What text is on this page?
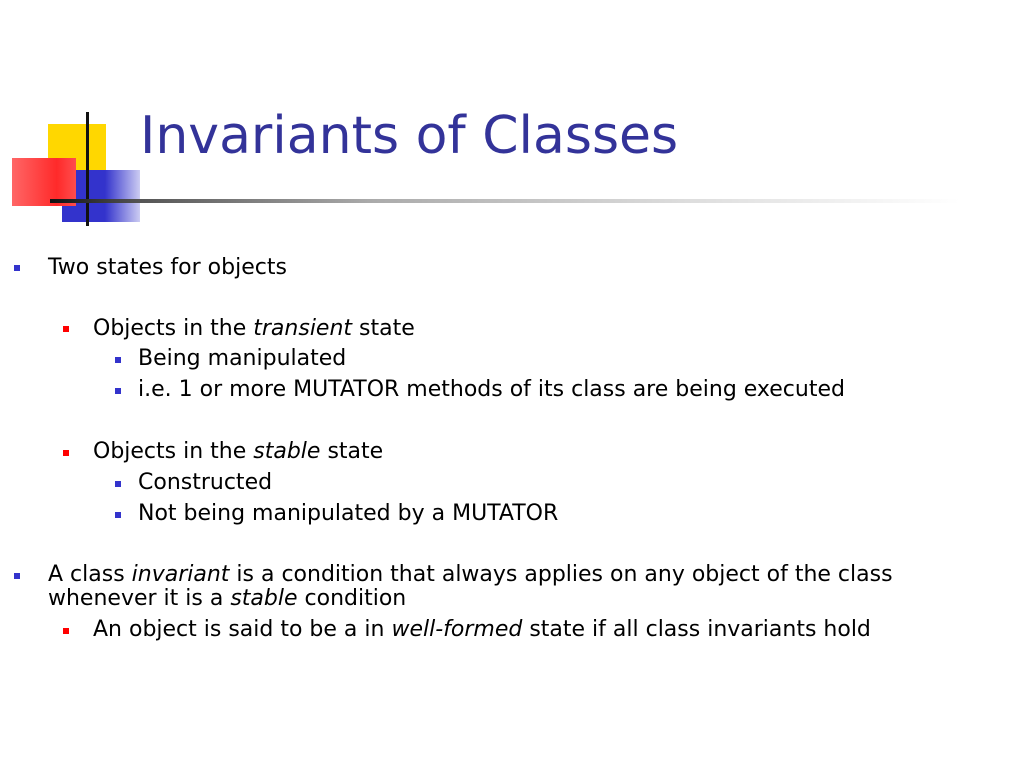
Invariants of Classes
Two states for objects
Objects in the transient state
Being manipulated
i.e. 1 or more MUTATOR methods of its class are being executed
Objects in the stable state
Constructed
Not being manipulated by a MUTATOR
A class invariant is a condition that always applies on any object of the class
whenever it is a stable condition
An object is said to be a in well-formed state if all class invariants hold
